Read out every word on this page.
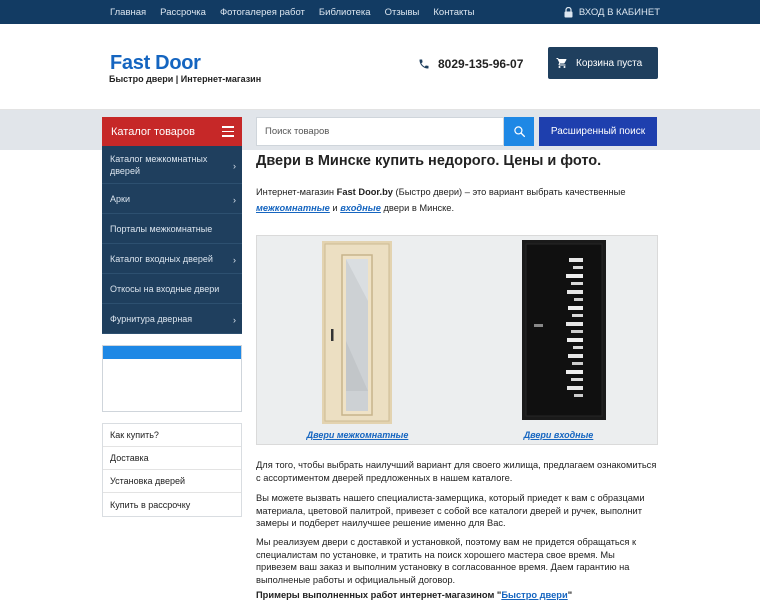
Главная Рассрочка Фотогалерея работ Библиотека Отзывы Контакты	ВХОД В КАБИНЕТ
Fast Door
Быстро двери | Интернет-магазин
8029-135-96-07	Корзина пуста
Каталог товаров
Поиск товаров	Расширенный поиск
Каталог межкомнатных дверей	›
Арки	›
Порталы межкомнатные
Каталог входных дверей ›
Откосы на входные двери
Фурнитура дверная	›
Как купить?
Доставка
Установка дверей
Купить в рассрочку
Двери в Минске купить недорого. Цены и фото.

Интернет-магазин Fast Door.by (Быстро двери) – это вариант выбрать качественные
межкомнатные и входные двери в Минске.

Двери межкомнатные	Двери входные

Для того, чтобы выбрать наилучший вариант для своего жилища, предлагаем ознакомиться с ассортиментом дверей предложенных в нашем каталоге.

Вы можете вызвать нашего специалиста-замерщика, который приедет к вам с образцами материала, цветовой палитрой, привезет с собой все каталоги дверей и ручек, выполнит замеры и подберет наилучшее решение именно для Вас.

Мы реализуем двери с доставкой и установкой, поэтому вам не придется обращаться к специалистам по установке, и тратить на поиск хорошего мастера свое время. Мы привезем ваш заказ и выполним установку в согласованное время. Даем гарантию на выполненые работы и официальный договор.

Примеры выполненных работ интернет-магазином "Быстро двери"
